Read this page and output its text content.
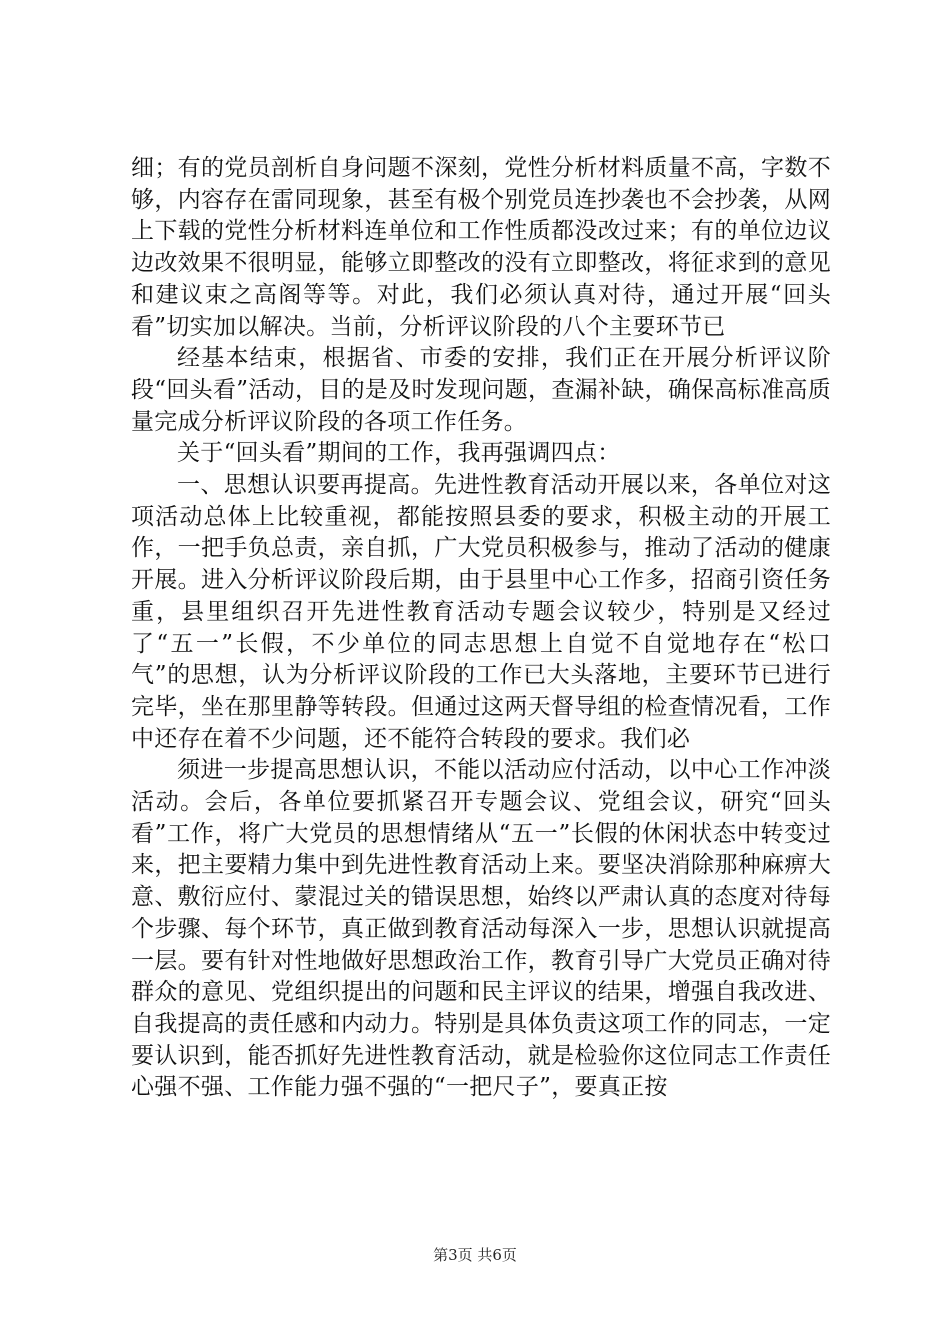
细；有的党员剖析自身问题不深刻，党性分析材料质量不高，字数不够，内容存在雷同现象，甚至有极个别党员连抄袭也不会抄袭，从网上下载的党性分析材料连单位和工作性质都没改过来；有的单位边议边改效果不很明显，能够立即整改的没有立即整改，将征求到的意见和建议束之高阁等等。对此，我们必须认真对待，通过开展“回头看”切实加以解决。当前，分析评议阶段的八个主要环节已

经基本结束，根据省、市委的安排，我们正在开展分析评议阶段“回头看”活动，目的是及时发现问题，查漏补缺，确保高标准高质量完成分析评议阶段的各项工作任务。

关于“回头看”期间的工作，我再强调四点：

一、思想认识要再提高。先进性教育活动开展以来，各单位对这项活动总体上比较重视，都能按照县委的要求，积极主动的开展工作，一把手负总责，亲自抓，广大党员积极参与，推动了活动的健康开展。进入分析评议阶段后期，由于县里中心工作多，招商引资任务重，县里组织召开先进性教育活动专题会议较少，特别是又经过了“五一”长假，不少单位的同志思想上自觉不自觉地存在“松口气”的思想，认为分析评议阶段的工作已大头落地，主要环节已进行完毕，坐在那里静等转段。但通过这两天督导组的检查情况看，工作中还存在着不少问题，还不能符合转段的要求。我们必

须进一步提高思想认识，不能以活动应付活动，以中心工作冲淡活动。会后，各单位要抓紧召开专题会议、党组会议，研究“回头看”工作，将广大党员的思想情绪从“五一”长假的休闲状态中转变过来，把主要精力集中到先进性教育活动上来。要坚决消除那种麻痹大意、敷衍应付、蒙混过关的错误思想，始终以严肃认真的态度对待每个步骤、每个环节，真正做到教育活动每深入一步，思想认识就提高一层。要有针对性地做好思想政治工作，教育引导广大党员正确对待群众的意见、党组织提出的问题和民主评议的结果，增强自我改进、自我提高的责任感和内动力。特别是具体负责这项工作的同志，一定要认识到，能否抓好先进性教育活动，就是检验你这位同志工作责任心强不强、工作能力强不强的“一把尺子”，要真正按

第3页 共6页
